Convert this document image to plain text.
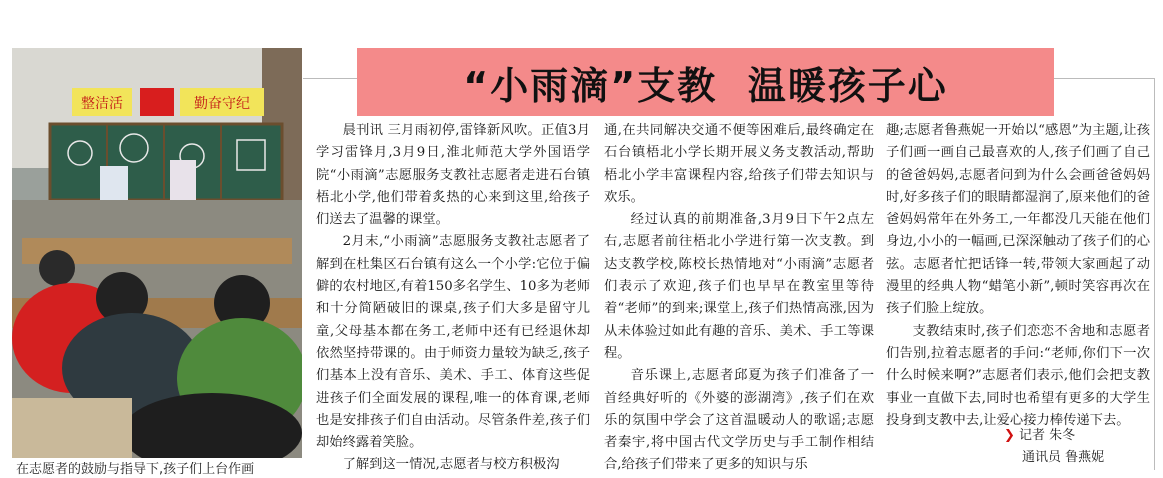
整洁活	勤奋守纪
在志愿者的鼓励与指导下,孩子们上台作画
“小雨滴”支教  温暖孩子心

晨刊讯 三月雨初停,雷锋新风吹。正值3月学习雷锋月,3月9日,淮北师范大学外国语学院“小雨滴”志愿服务支教社志愿者走进石台镇梧北小学,他们带着炙热的心来到这里,给孩子们送去了温馨的课堂。

2月末,“小雨滴”志愿服务支教社志愿者了解到在杜集区石台镇有这么一个小学:它位于偏僻的农村地区,有着150多名学生、10多为老师和十分简陋破旧的课桌,孩子们大多是留守儿童,父母基本都在务工,老师中还有已经退休却依然坚持带课的。由于师资力量较为缺乏,孩子们基本上没有音乐、美术、手工、体育这些促进孩子们全面发展的课程,唯一的体育课,老师也是安排孩子们自由活动。尽管条件差,孩子们却始终露着笑脸。

了解到这一情况,志愿者与校方积极沟

通,在共同解决交通不便等困难后,最终确定在石台镇梧北小学长期开展义务支教活动,帮助梧北小学丰富课程内容,给孩子们带去知识与欢乐。

经过认真的前期准备,3月9日下午2点左右,志愿者前往梧北小学进行第一次支教。到达支教学校,陈校长热情地对“小雨滴”志愿者们表示了欢迎,孩子们也早早在教室里等待着“老师”的到来;课堂上,孩子们热情高涨,因为从未体验过如此有趣的音乐、美术、手工等课程。

音乐课上,志愿者邱夏为孩子们准备了一首经典好听的《外婆的澎湖湾》,孩子们在欢乐的氛围中学会了这首温暖动人的歌谣;志愿者秦宇,将中国古代文学历史与手工制作相结合,给孩子们带来了更多的知识与乐

趣;志愿者鲁燕妮一开始以“感恩”为主题,让孩子们画一画自己最喜欢的人,孩子们画了自己的爸爸妈妈,志愿者问到为什么会画爸爸妈妈时,好多孩子们的眼睛都湿润了,原来他们的爸爸妈妈常年在外务工,一年都没几天能在他们身边,小小的一幅画,已深深触动了孩子们的心弦。志愿者忙把话锋一转,带领大家画起了动漫里的经典人物“蜡笔小新”,顿时笑容再次在孩子们脸上绽放。

支教结束时,孩子们恋恋不舍地和志愿者们告别,拉着志愿者的手问:“老师,你们下一次什么时候来啊?”志愿者们表示,他们会把支教事业一直做下去,同时也希望有更多的大学生投身到支教中去,让爱心接力棒传递下去。

❯ 记者 朱冬
通讯员 鲁燕妮
